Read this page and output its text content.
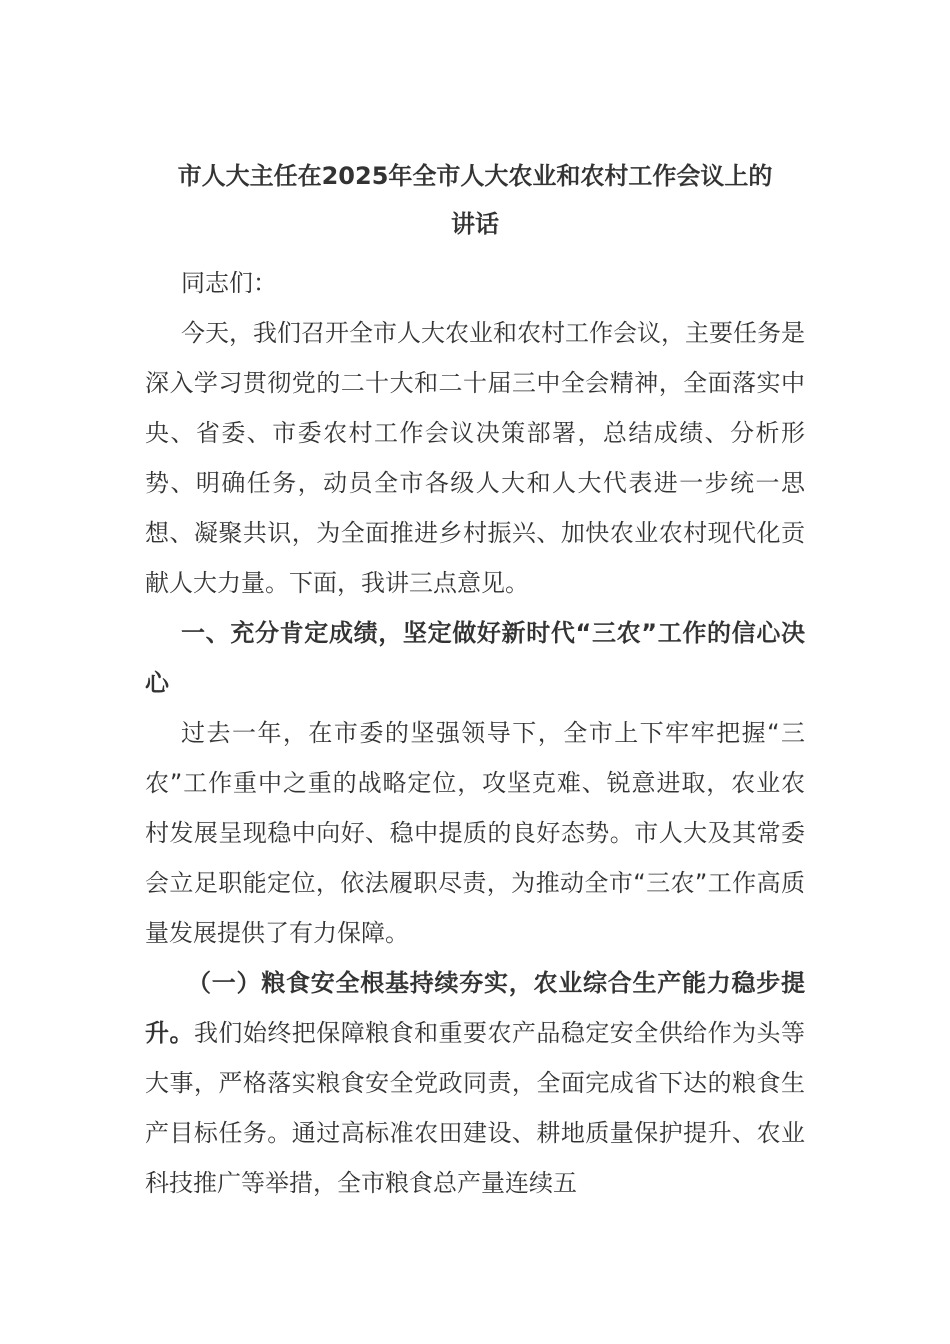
市人大主任在2025年全市人大农业和农村工作会议上的
讲话

同志们：

今天，我们召开全市人大农业和农村工作会议，主要任务是深入学习贯彻党的二十大和二十届三中全会精神，全面落实中央、省委、市委农村工作会议决策部署，总结成绩、分析形势、明确任务，动员全市各级人大和人大代表进一步统一思想、凝聚共识，为全面推进乡村振兴、加快农业农村现代化贡献人大力量。下面，我讲三点意见。

一、充分肯定成绩，坚定做好新时代“三农”工作的信心决心

过去一年，在市委的坚强领导下，全市上下牢牢把握“三农”工作重中之重的战略定位，攻坚克难、锐意进取，农业农村发展呈现稳中向好、稳中提质的良好态势。市人大及其常委会立足职能定位，依法履职尽责，为推动全市“三农”工作高质量发展提供了有力保障。

（一）粮食安全根基持续夯实，农业综合生产能力稳步提升。我们始终把保障粮食和重要农产品稳定安全供给作为头等大事，严格落实粮食安全党政同责，全面完成省下达的粮食生产目标任务。通过高标准农田建设、耕地质量保护提升、农业科技推广等举措，全市粮食总产量连续五
